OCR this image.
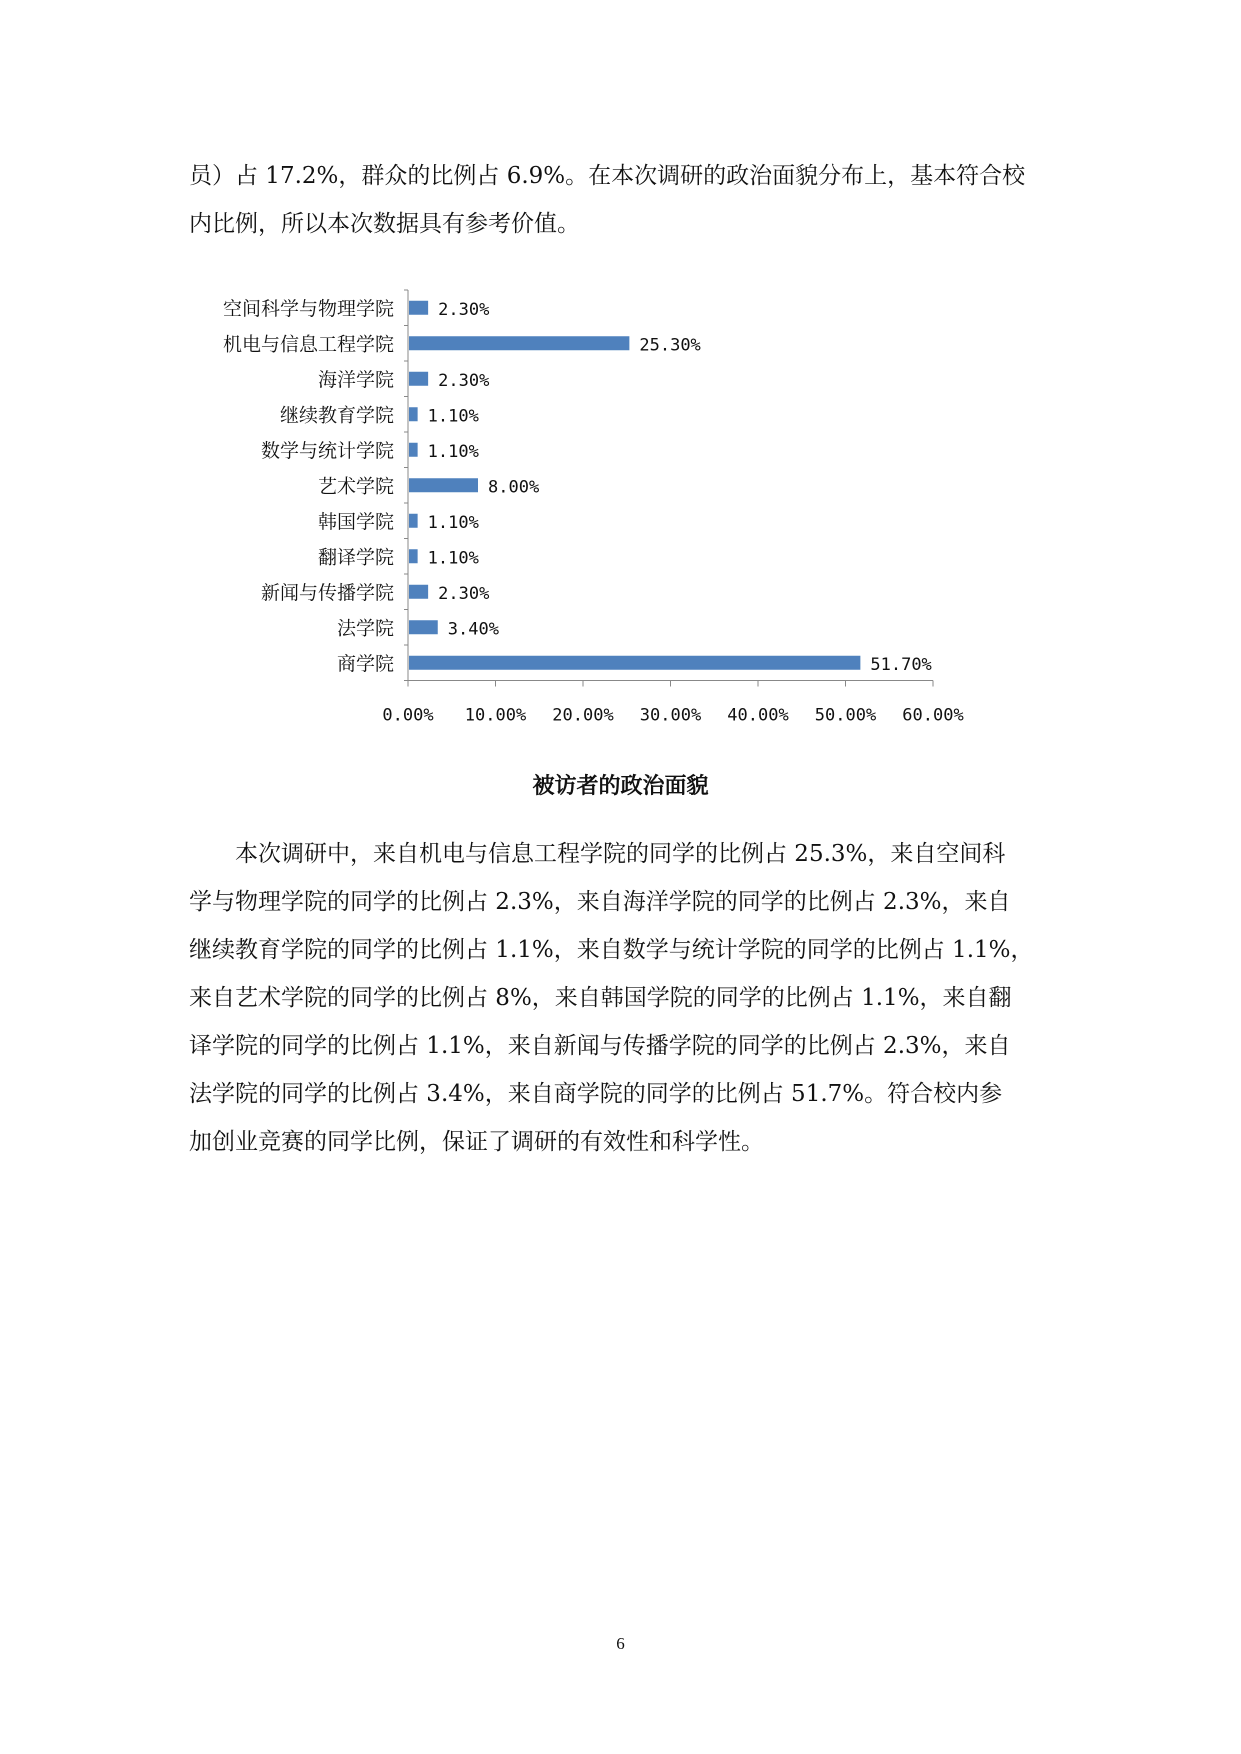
员）占 17.2%，群众的比例占 6.9%。在本次调研的政治面貌分布上，基本符合校
内比例，所以本次数据具有参考价值。
空间科学与物理学院	2.30%
机电与信息工程学院	25.30%
海洋学院	2.30%
继续教育学院 1.10%
数学与统计学院 1.10%
艺术学院	8.00%
韩国学院 1.10%
翻译学院 1.10%
新闻与传播学院	2.30%
法学院	3.40%
商学院	51.70%
0.00% 10.00% 20.00% 30.00% 40.00% 50.00% 60.00%
被访者的政治面貌
本次调研中，来自机电与信息工程学院的同学的比例占 25.3%，来自空间科
学与物理学院的同学的比例占 2.3%，来自海洋学院的同学的比例占 2.3%，来自
继续教育学院的同学的比例占 1.1%，来自数学与统计学院的同学的比例占 1.1%，
来自艺术学院的同学的比例占 8%，来自韩国学院的同学的比例占 1.1%，来自翻
译学院的同学的比例占 1.1%，来自新闻与传播学院的同学的比例占 2.3%，来自
法学院的同学的比例占 3.4%，来自商学院的同学的比例占 51.7%。符合校内参
加创业竞赛的同学比例，保证了调研的有效性和科学性。
6
